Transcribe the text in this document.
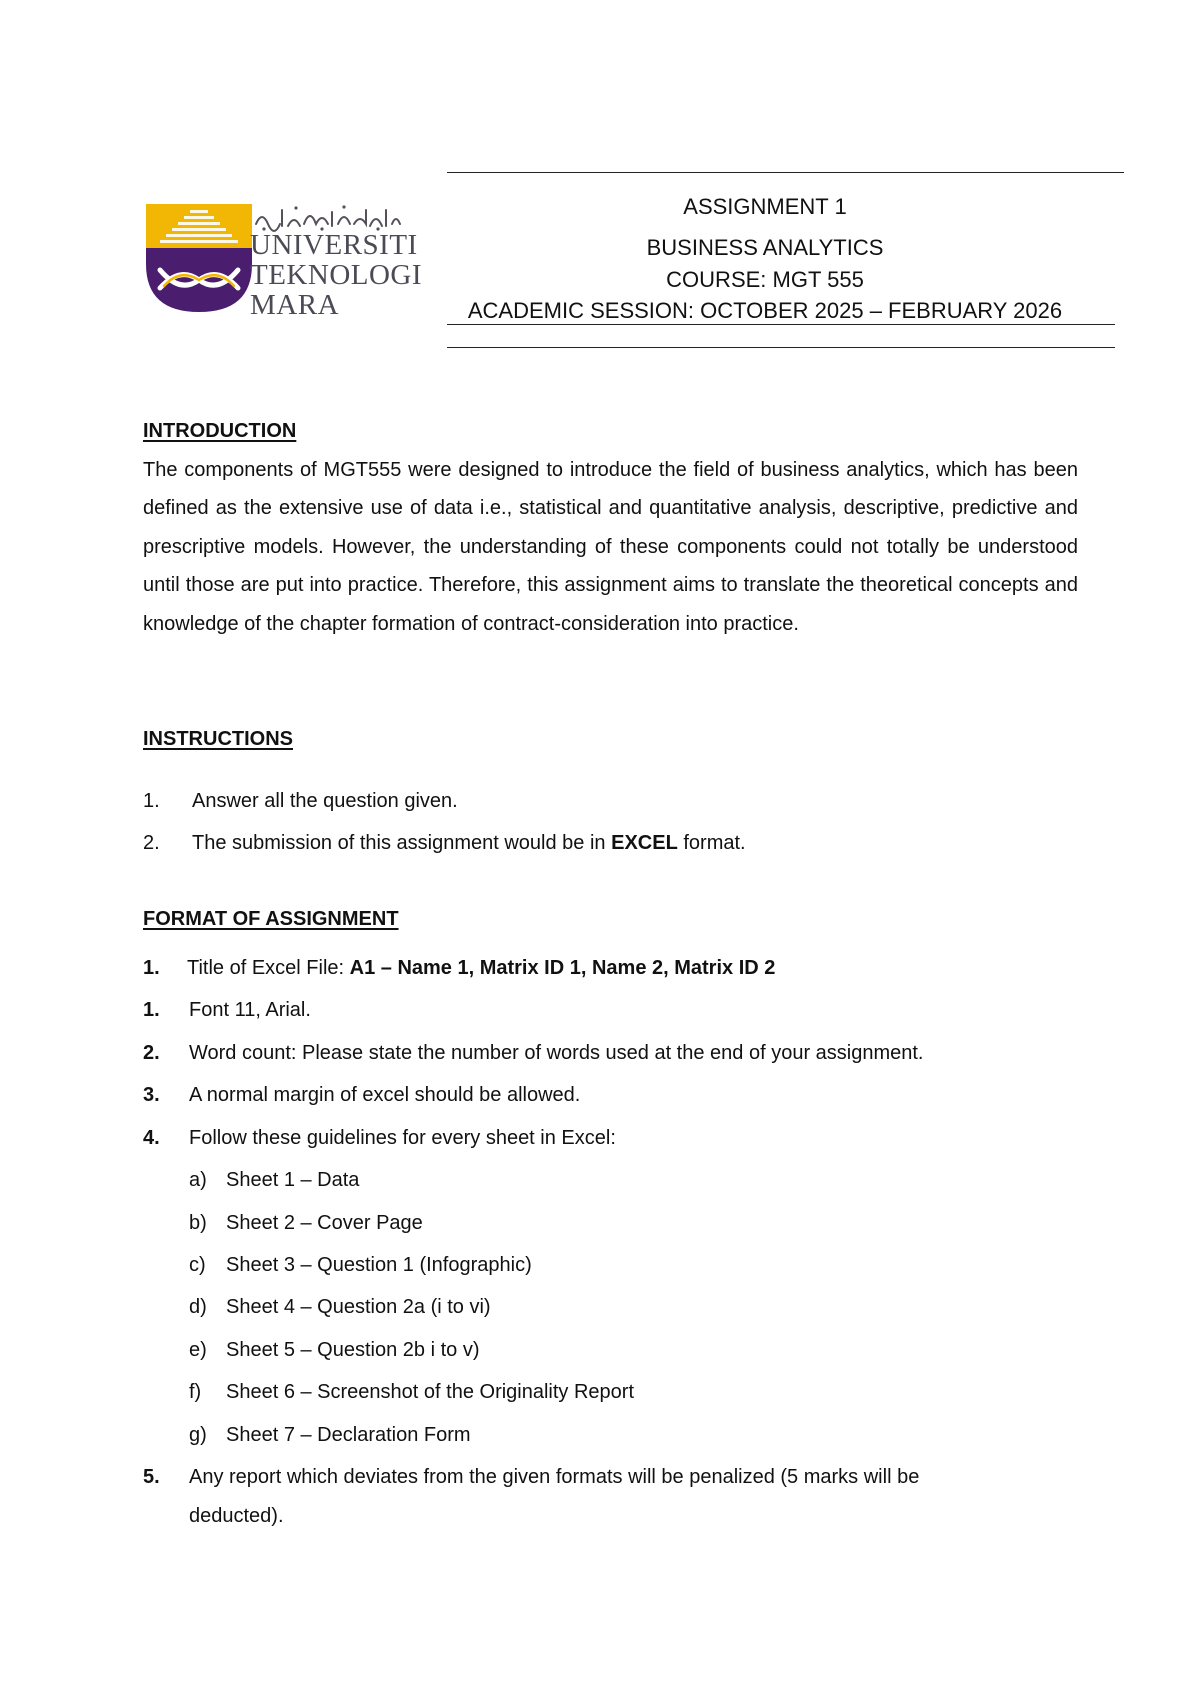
UNIVERSITI
TEKNOLOGI
MARA
ASSIGNMENT 1
BUSINESS ANALYTICS
COURSE: MGT 555
ACADEMIC SESSION: OCTOBER 2025 – FEBRUARY 2026
INTRODUCTION

The components of MGT555 were designed to introduce the field of business analytics, which has been defined as the extensive use of data i.e., statistical and quantitative analysis, descriptive, predictive and prescriptive models. However, the understanding of these components could not totally be understood until those are put into practice. Therefore, this assignment aims to translate the theoretical concepts and knowledge of the chapter formation of contract-consideration into practice.

INSTRUCTIONS
1. Answer all the question given.
2. The submission of this assignment would be in EXCEL format.
FORMAT OF ASSIGNMENT
1. Title of Excel File: A1 – Name 1, Matrix ID 1, Name 2, Matrix ID 2
1. Font 11, Arial.
2. Word count: Please state the number of words used at the end of your assignment.
3. A normal margin of excel should be allowed.
4. Follow these guidelines for every sheet in Excel:
a) Sheet 1 – Data
b) Sheet 2 – Cover Page
c) Sheet 3 – Question 1 (Infographic)
d) Sheet 4 – Question 2a (i to vi)
e) Sheet 5 – Question 2b i to v)
f) Sheet 6 – Screenshot of the Originality Report
g) Sheet 7 – Declaration Form
5. Any report which deviates from the given formats will be penalized (5 marks will be
deducted).
